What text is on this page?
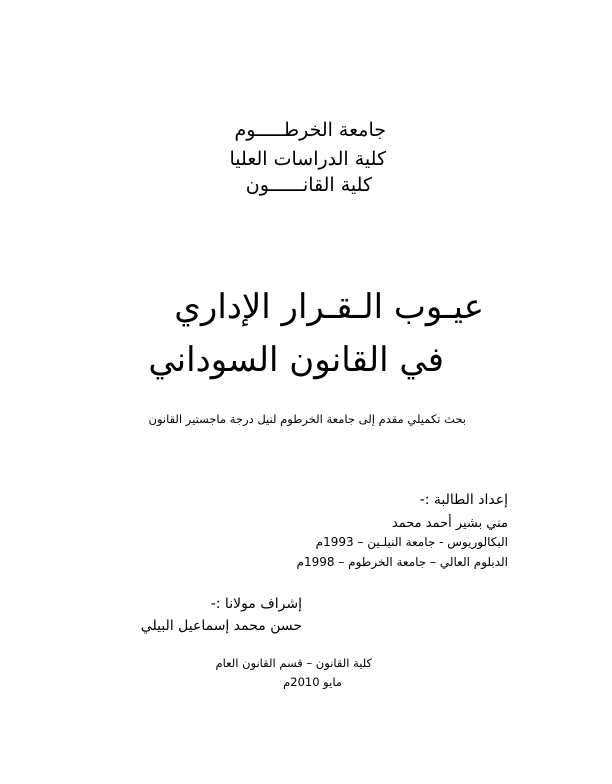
جامعة الخرطـــــوم
كلية الدراسات العليا
كلية القانــــــون
عيـوب الـقـرار الإداري
في القانون السوداني
بحث تكميلي مقدم إلى جامعة الخرطوم لنيل درجة ماجستير القانون
إعداد الطالبة :-
مني بشير أحمد محمد
البكالوريوس - جامعة النيلـين – 1993م
الدبلوم العالي – جامعة الخرطوم – 1998م
إشراف مولانا :-
حسن محمد إسماعيل البيلي
كلية القانون – قسم القانون العام
مايو 2010م
